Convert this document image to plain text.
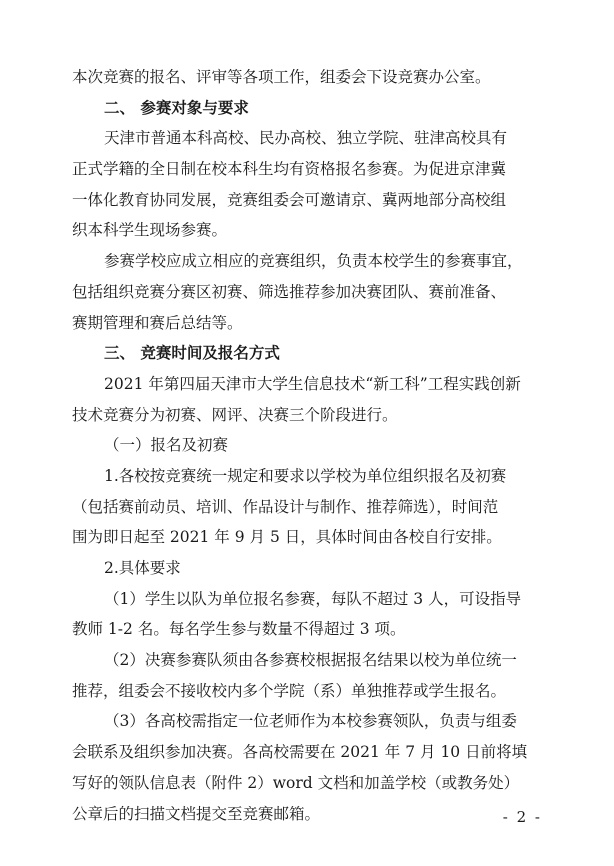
本次竞赛的报名、评审等各项工作，组委会下设竞赛办公室。
二、 参赛对象与要求
天津市普通本科高校、民办高校、独立学院、驻津高校具有
正式学籍的全日制在校本科生均有资格报名参赛。为促进京津冀
一体化教育协同发展，竞赛组委会可邀请京、冀两地部分高校组
织本科学生现场参赛。
参赛学校应成立相应的竞赛组织，负责本校学生的参赛事宜，
包括组织竞赛分赛区初赛、筛选推荐参加决赛团队、赛前准备、
赛期管理和赛后总结等。
三、 竞赛时间及报名方式
2021 年第四届天津市大学生信息技术“新工科”工程实践创新
技术竞赛分为初赛、网评、决赛三个阶段进行。
（一）报名及初赛
1.各校按竞赛统一规定和要求以学校为单位组织报名及初赛
（包括赛前动员、培训、作品设计与制作、推荐筛选），时间范
围为即日起至 2021 年 9 月 5 日，具体时间由各校自行安排。
2.具体要求
（1）学生以队为单位报名参赛，每队不超过 3 人，可设指导
教师 1-2 名。每名学生参与数量不得超过 3 项。
（2）决赛参赛队须由各参赛校根据报名结果以校为单位统一
推荐，组委会不接收校内多个学院（系）单独推荐或学生报名。
（3）各高校需指定一位老师作为本校参赛领队，负责与组委
会联系及组织参加决赛。各高校需要在 2021 年 7 月 10 日前将填
写好的领队信息表（附件 2）word 文档和加盖学校（或教务处）
公章后的扫描文档提交至竞赛邮箱。	- 2 -
